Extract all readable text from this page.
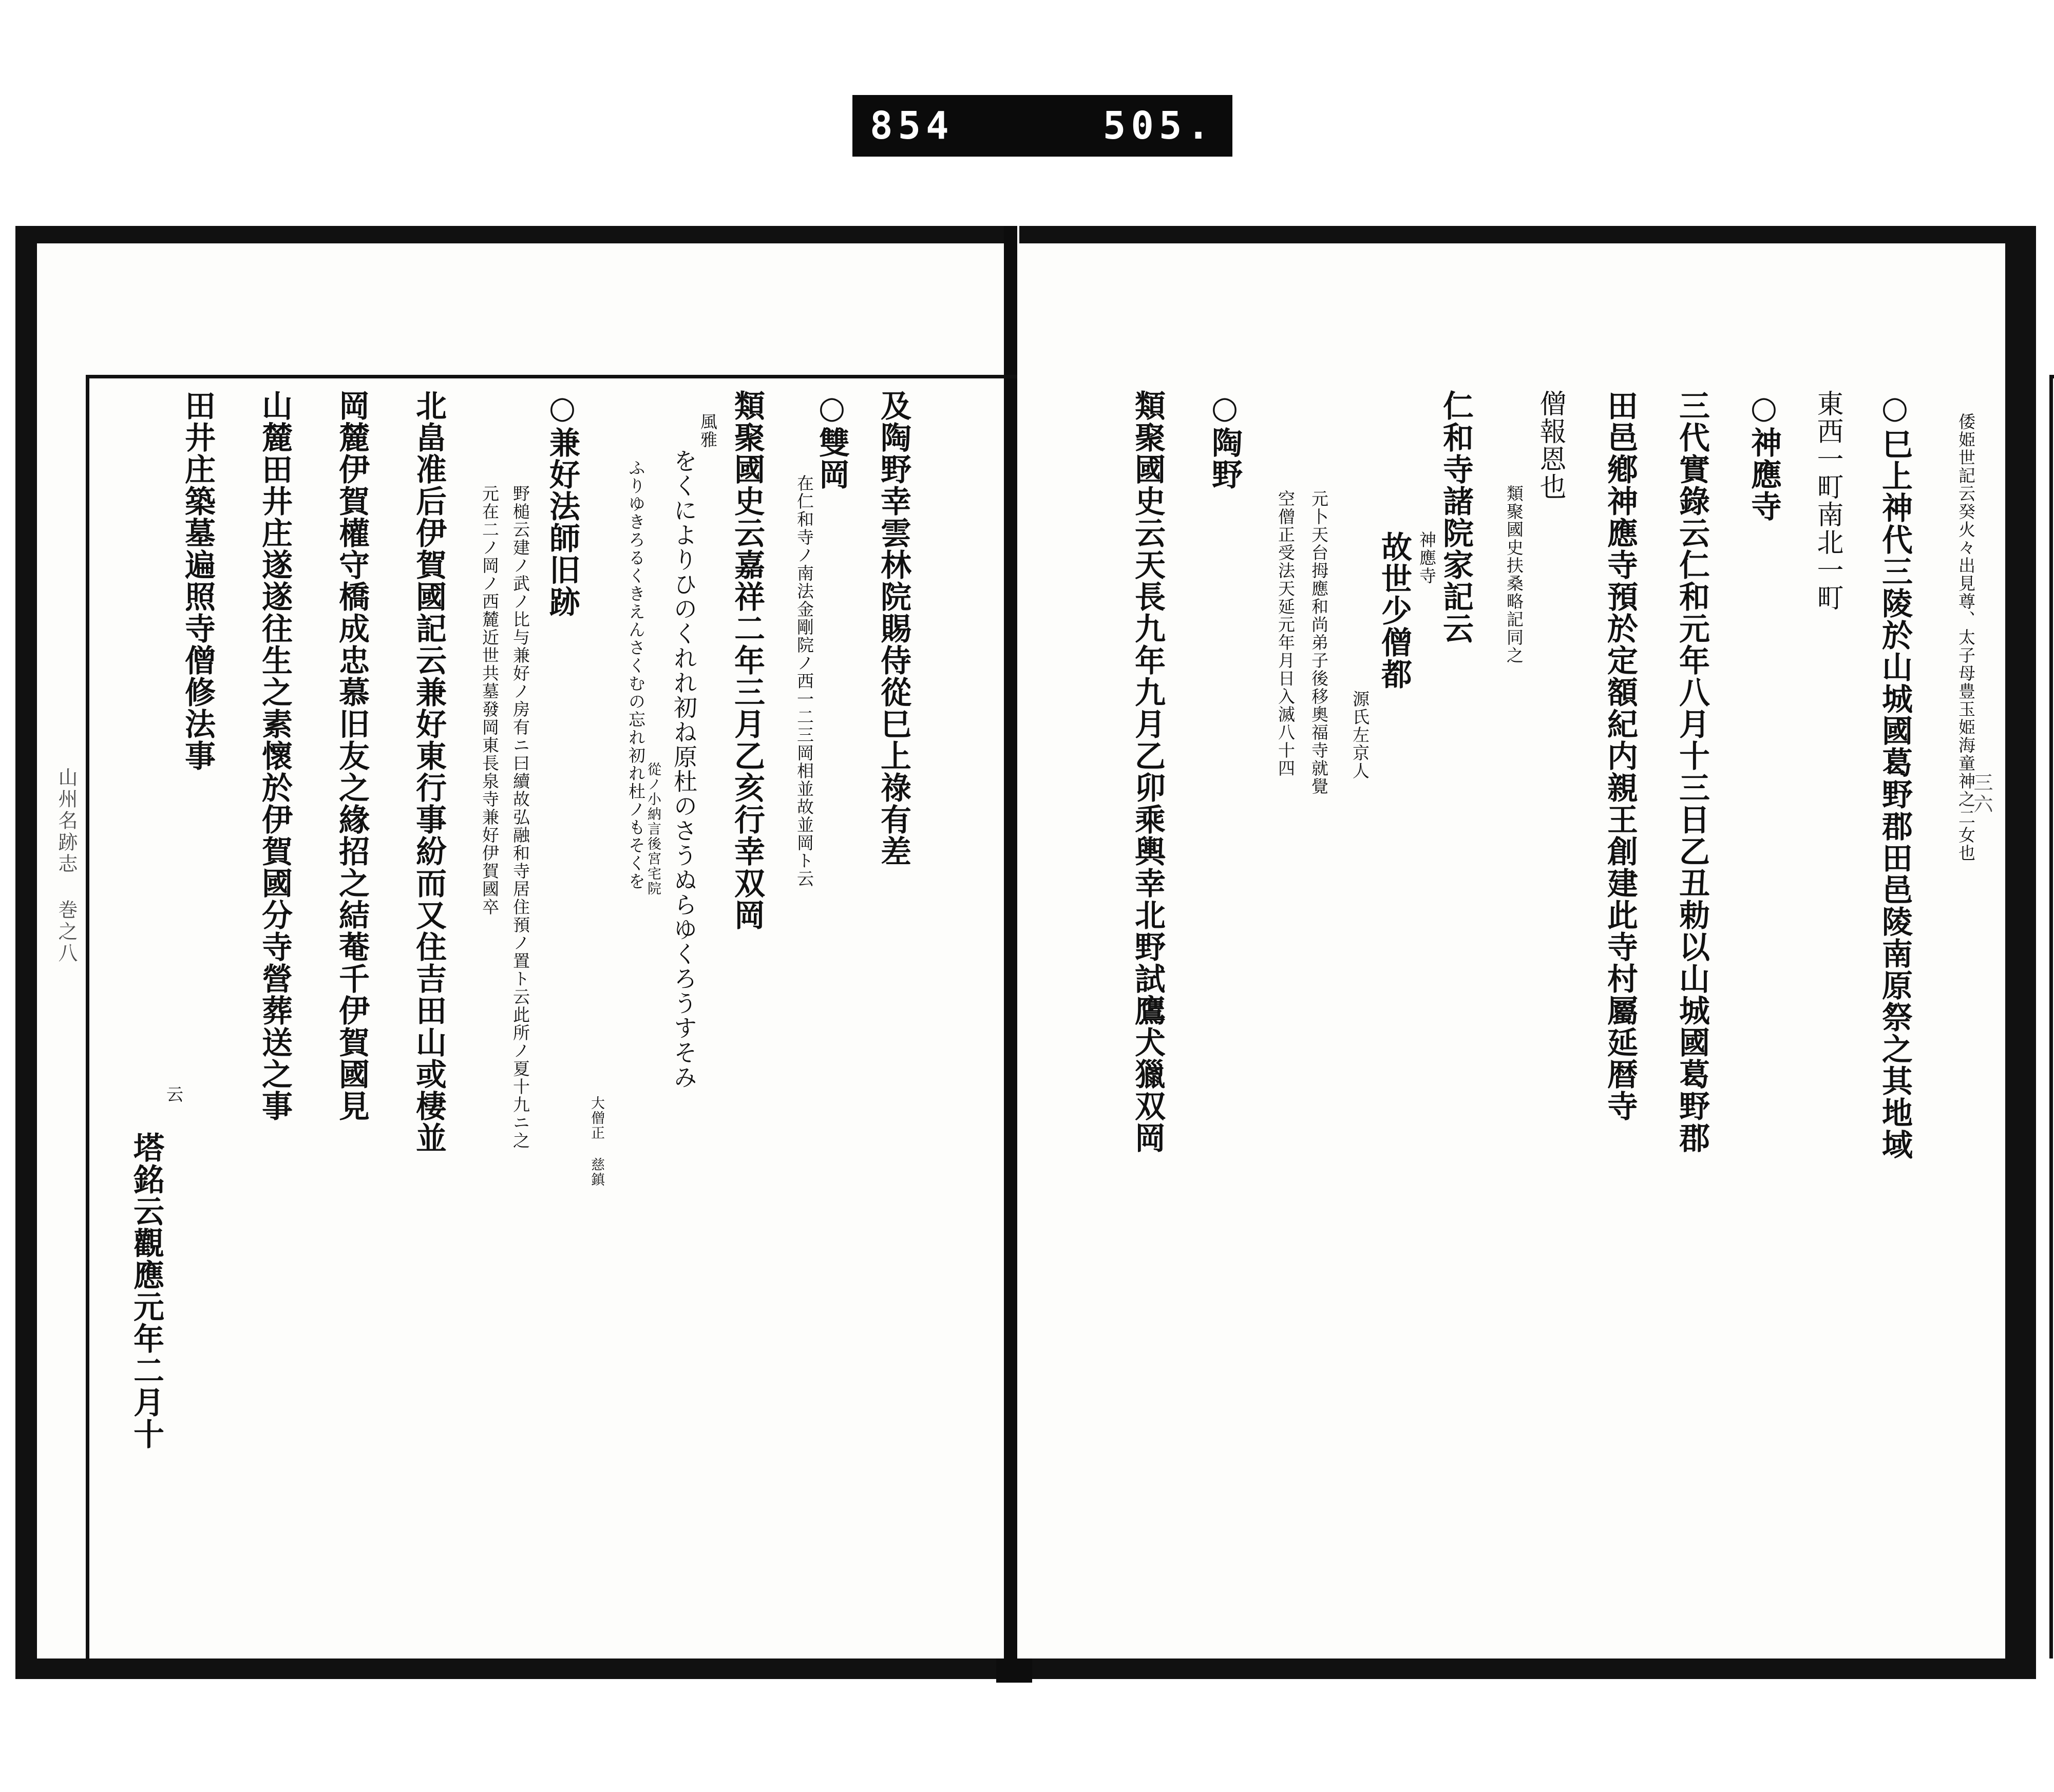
854	505.
山州名跡志 巻之八	及陶野幸雲林院賜侍從巳上祿有差
○雙岡
在仁和寺ノ南法金剛院ノ西一二三岡相並故並岡ト云
類聚國史云嘉祥二年三月乙亥行幸双岡
風雅
をくによりひのくれれ初ね原杜のさうぬらゆくろうすそみ
ふりゆきろるくきえんさくむの忘れ初れ杜ノもそくを
從ノ小納言後宮宅院
大僧正 慈鎮
○兼好法師旧跡
野槌云建ノ武ノ比与兼好ノ房有ニ曰續故弘融和寺居住預ノ置ト云此所ノ夏十九ニ之
元在二ノ岡ノ西麓近世共墓發岡東長泉寺兼好伊賀國卒
北畠准后伊賀國記云兼好東行事紛而又住吉田山或棲並
岡麓伊賀權守橋成忠慕旧友之緣招之結菴千伊賀國見
山麓田井庄遂遂往生之素懷於伊賀國分寺營葬送之事
田井庄築墓遍照寺僧修法事
云
塔銘云觀應元年二月十
三六
倭姫世記云癸火々出見尊、太子母豊玉姫海童神之二女也
○
巳上神代三陵於山城國葛野郡田邑陵南原祭之其地域
東西一町南北一町
○神應寺
三代實錄云仁和元年八月十三日乙丑勅以山城國葛野郡
田邑鄕神應寺預於定額紀内親王創建此寺村屬延暦寺
僧報恩也
類聚國史扶桑略記同之
仁和寺諸院家記云
神應寺
故世少僧都
源氏左京人
元卜天台拇應和尚弟子後移奧福寺就覺
空僧正受法天延元年月日入滅八十四
○陶野
類聚國史云天長九年九月乙卯乘輿幸北野試鷹犬獵双岡
